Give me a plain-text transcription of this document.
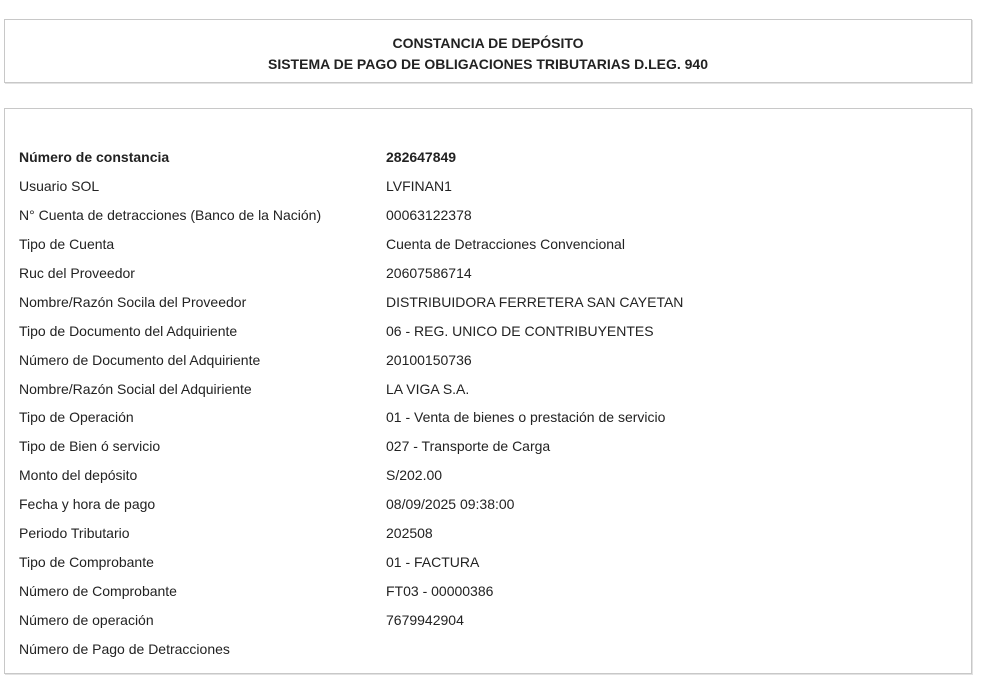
CONSTANCIA DE DEPÓSITO
SISTEMA DE PAGO DE OBLIGACIONES TRIBUTARIAS D.LEG. 940
Número de constancia	282647849
Usuario SOL	LVFINAN1
N° Cuenta de detracciones (Banco de la Nación)	00063122378
Tipo de Cuenta	Cuenta de Detracciones Convencional
Ruc del Proveedor	20607586714
Nombre/Razón Socila del Proveedor	DISTRIBUIDORA FERRETERA SAN CAYETAN
Tipo de Documento del Adquiriente	06 - REG. UNICO DE CONTRIBUYENTES
Número de Documento del Adquiriente	20100150736
Nombre/Razón Social del Adquiriente	LA VIGA S.A.
Tipo de Operación	01 - Venta de bienes o prestación de servicio
Tipo de Bien ó servicio	027 - Transporte de Carga
Monto del depósito	S/202.00
Fecha y hora de pago	08/09/2025 09:38:00
Periodo Tributario	202508
Tipo de Comprobante	01 - FACTURA
Número de Comprobante	FT03 - 00000386
Número de operación	7679942904
Número de Pago de Detracciones	
